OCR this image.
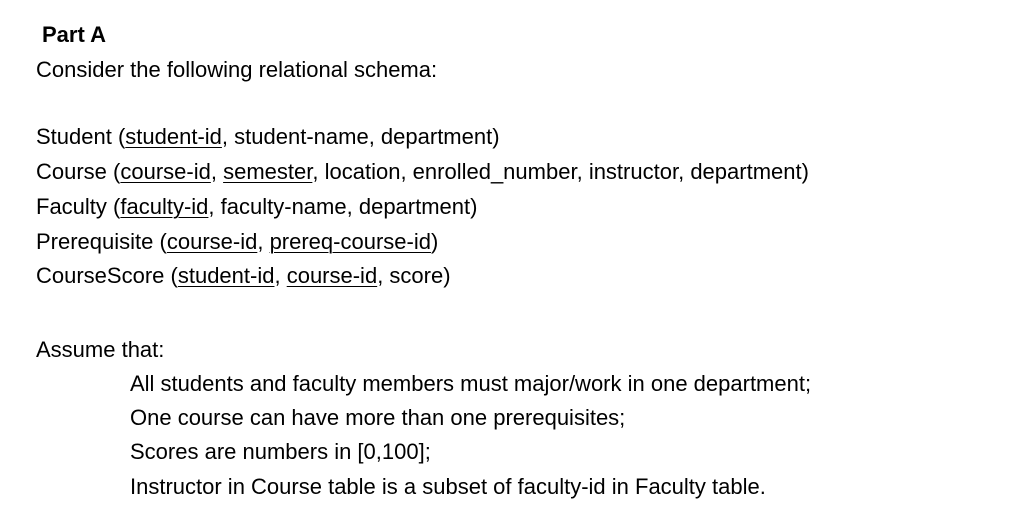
Part A
Consider the following relational schema:
Student (student-id, student-name, department)
Course (course-id, semester, location, enrolled_number, instructor, department)
Faculty (faculty-id, faculty-name, department)
Prerequisite (course-id, prereq-course-id)
CourseScore (student-id, course-id, score)
Assume that:
All students and faculty members must major/work in one department;
One course can have more than one prerequisites;
Scores are numbers in [0,100];
Instructor in Course table is a subset of faculty-id in Faculty table.
